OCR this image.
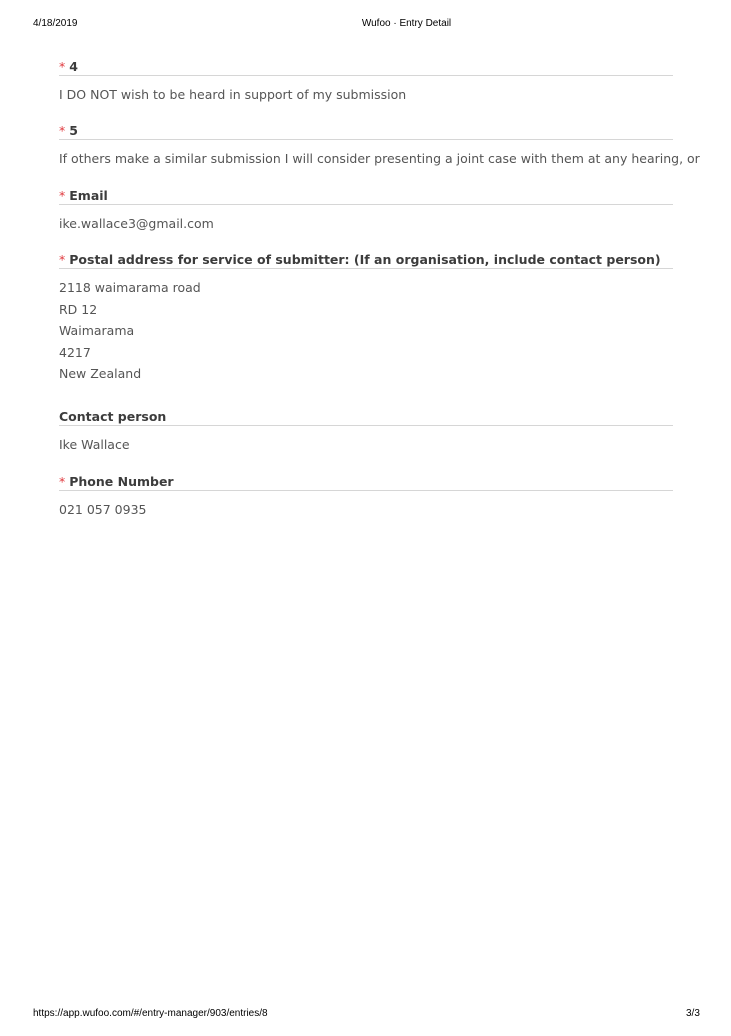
4/18/2019	Wufoo · Entry Detail
* 4
I DO NOT wish to be heard in support of my submission
* 5
If others make a similar submission I will consider presenting a joint case with them at any hearing, or
* Email
ike.wallace3@gmail.com
* Postal address for service of submitter: (If an organisation, include contact person)
2118 waimarama road
RD 12
Waimarama
4217
New Zealand
Contact person
Ike Wallace
* Phone Number
021 057 0935
https://app.wufoo.com/#/entry-manager/903/entries/8	3/3
